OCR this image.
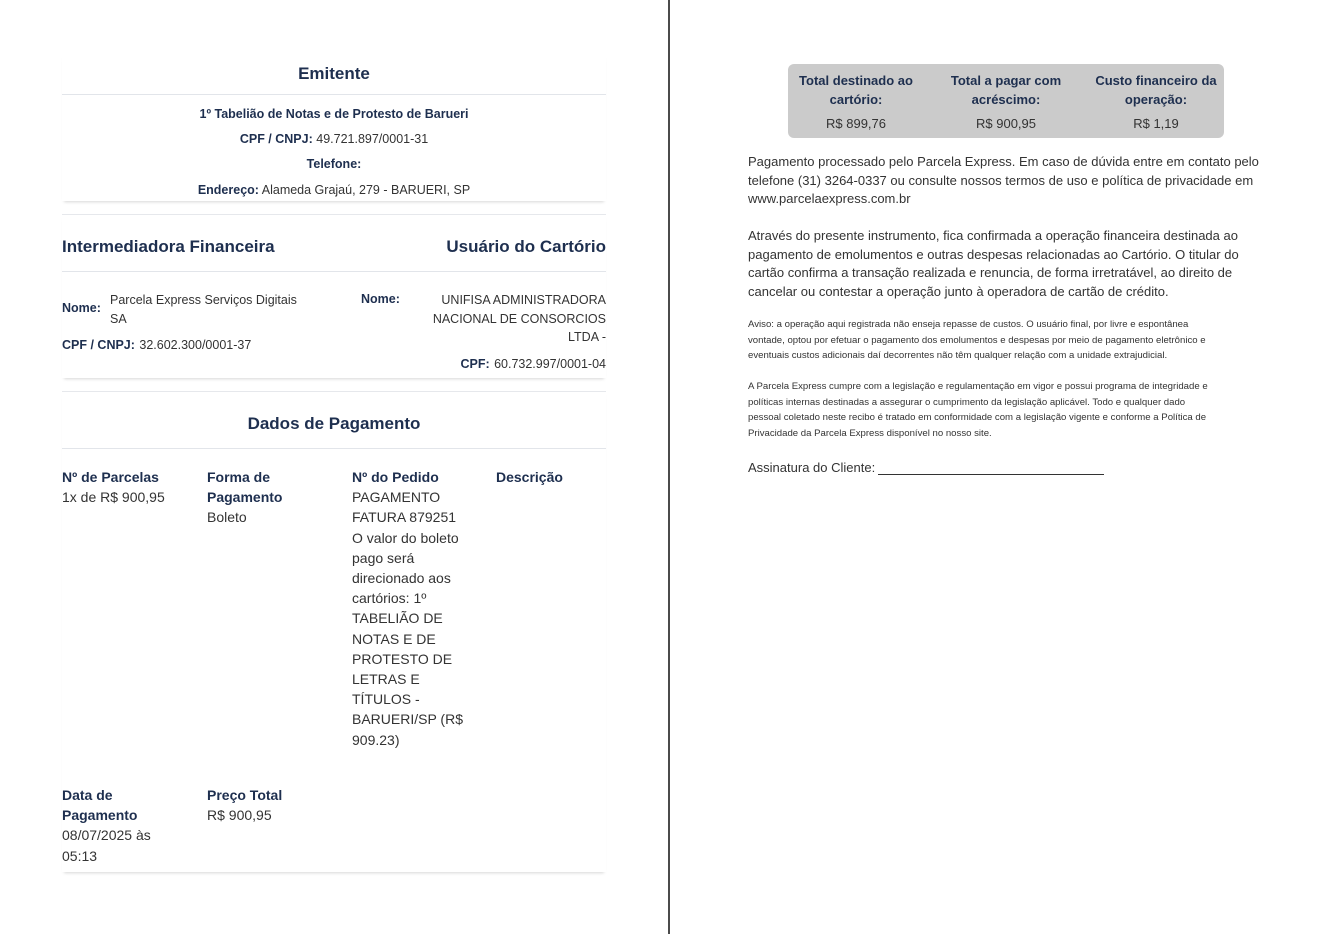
Emitente
1º Tabelião de Notas e de Protesto de Barueri
CPF / CNPJ: 49.721.897/0001-31
Telefone:
Endereço: Alameda Grajaú, 279 - BARUERI, SP
Intermediadora Financeira	Usuário do Cartório
Nome:
Parcela Express Serviços Digitais
SA
CPF / CNPJ: 32.602.300/0001-37
Nome:	UNIFISA ADMINISTRADORA
NACIONAL DE CONSORCIOS
LTDA -
CPF: 60.732.997/0001-04
Dados de Pagamento
Nº de Parcelas
1x de R$ 900,95
Forma de
Pagamento
Boleto
Nº do Pedido
PAGAMENTO
FATURA 879251
O valor do boleto
pago será
direcionado aos
cartórios: 1º
TABELIÃO DE
NOTAS E DE
PROTESTO DE
LETRAS E
TÍTULOS -
BARUERI/SP (R$
909.23)
Descrição
Data de
Pagamento
08/07/2025 às
05:13
Preço Total
R$ 900,95
Total destinado ao
cartório:
R$ 899,76
Total a pagar com
acréscimo:
R$ 900,95
Custo financeiro da
operação:
R$ 1,19
Pagamento processado pelo Parcela Express. Em caso de dúvida entre em contato pelo
telefone (31) 3264-0337 ou consulte nossos termos de uso e política de privacidade em
www.parcelaexpress.com.br
Através do presente instrumento, fica confirmada a operação financeira destinada ao
pagamento de emolumentos e outras despesas relacionadas ao Cartório. O titular do
cartão confirma a transação realizada e renuncia, de forma irretratável, ao direito de
cancelar ou contestar a operação junto à operadora de cartão de crédito.
Aviso: a operação aqui registrada não enseja repasse de custos. O usuário final, por livre e espontânea
vontade, optou por efetuar o pagamento dos emolumentos e despesas por meio de pagamento eletrônico e
eventuais custos adicionais daí decorrentes não têm qualquer relação com a unidade extrajudicial.
A Parcela Express cumpre com a legislação e regulamentação em vigor e possui programa de integridade e
políticas internas destinadas a assegurar o cumprimento da legislação aplicável. Todo e qualquer dado
pessoal coletado neste recibo é tratado em conformidade com a legislação vigente e conforme a Política de
Privacidade da Parcela Express disponível no nosso site.
Assinatura do Cliente:
